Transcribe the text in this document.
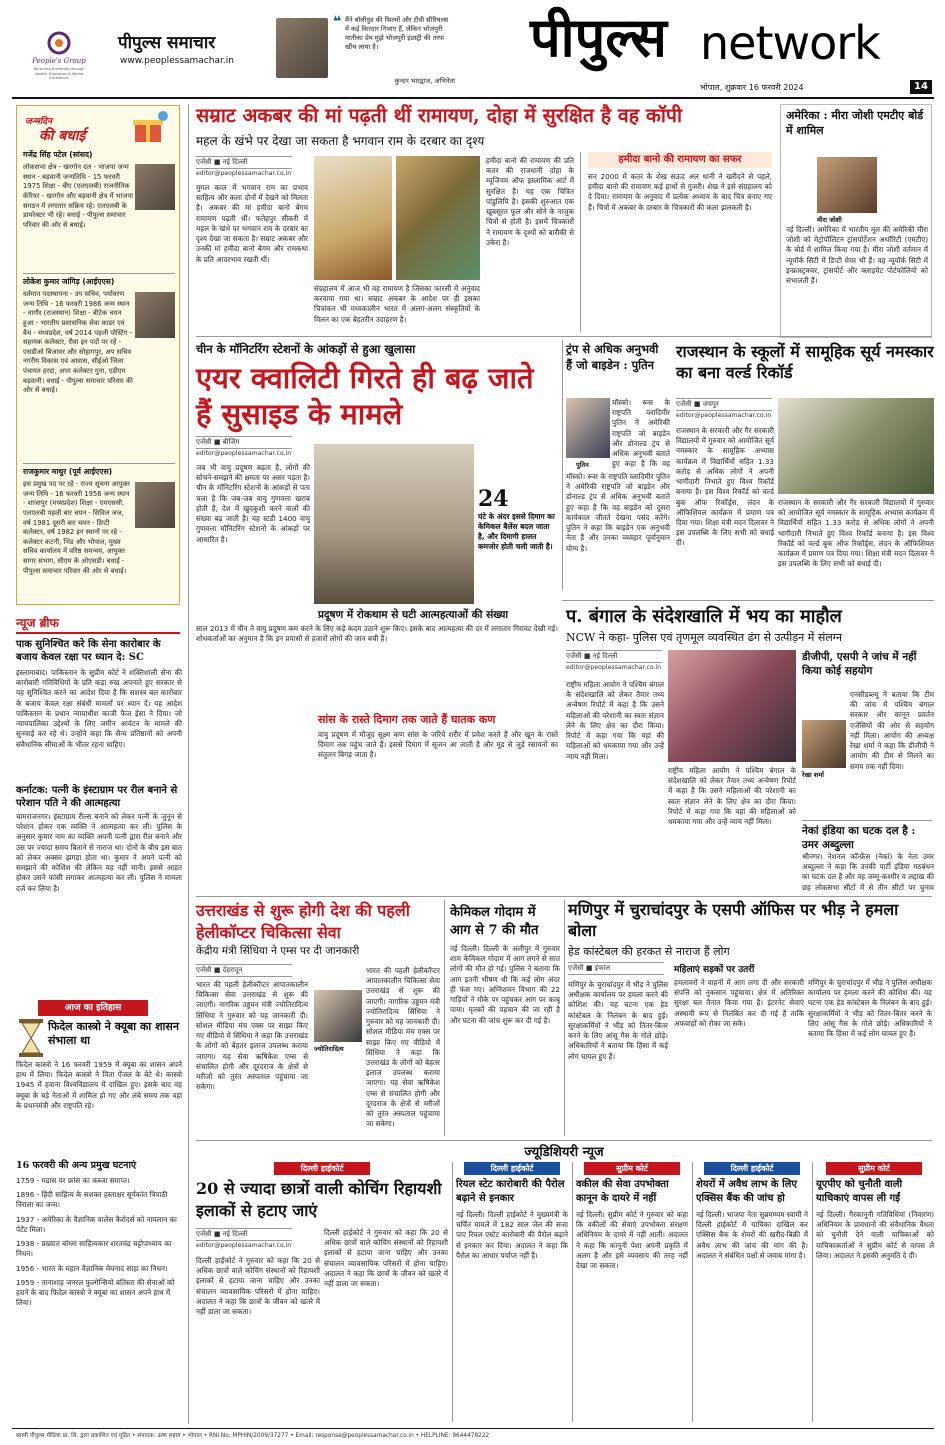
People's Group
Nurturing Humanity through Health, Education & Media Excellence
पीपुल्स समाचार
www.peoplessamachar.in
❝ मैंने बॉलीवुड की फिल्मों और टीवी सीरियल्स में कई किरदार निभाए हैं, लेकिन भोजपुरी मातीका प्रेम मुझे भोजपुरी इंडस्ट्री की तरफ खींच लाया है।
कुन्दन भारद्वाज, अभिनेता
पीपुल्स network
भोपाल, शुक्रवार 16 फरवरी 2024	14
जन्मदिन
की बधाई
गजेंद्र सिंह पटेल (सांसद)
लोकसभा क्षेत्र - खरगोन दल - भाजपा जन्म स्थान - बड़वानी जन्मतिथि - 15 फरवरी 1975 शिक्षा - बीए (एलएलबी) राजनीतिक कॅरियर - खरगोन और बड़वानी क्षेत्र में भाजपा संगठन में लगातार सक्रिय रहे। एलएलबी के डायरेक्टर भी रहे। बधाई - पीपुल्स समाचार परिवार की ओर से बधाई।
लोकेश कुमार जांगिड़ (आईएएस)
वर्तमान पदस्थापना - उप सचिव, पर्यावरण जन्म तिथि - 16 फरवरी 1986 जन्म स्थान - नागौर (राजस्थान) शिक्षा - बीटेक चयन हुआ - भारतीय प्रशासनिक सेवा काडर एवं बैच - मध्यप्रदेश, वर्ष 2014 पहली पोस्टिंग - सहायक कलेक्टर, रीवा इन पदों पर रहे - एसडीओ बिजावर और सोहागपुर, अप सचिव नगरीय विकास एवं आवास, सीईओ जिला पंचायत हरदा, अपर कलेक्टर गुना, एडीएम बड़वानी। बधाई - पीपुल्स समाचार परिवार की ओर से बधाई।
राजकुमार माथुर (पूर्व आईएएस)
इस प्रमुख पद पर रहे - राज्य सूचना आयुक्त जन्म तिथि - 16 फरवरी 1956 जन्म स्थान - शाजापुर (मध्यप्रदेश) शिक्षा - एमएससी, एलएलबी पहली बार चयन - सिविल जज, वर्ष 1981 दूसरी बार चयन - डिप्टी कलेक्टर, वर्ष 1982 इन स्थानों पर रहे - कलेक्टर कटनी, भिंड और भोपाल, मुख्य सचिव कार्यालय में वरिष्ठ समन्वय, आयुक्त सागर संभाग, सीएम के ओएसडी। बधाई - पीपुल्स समाचार परिवार की ओर से बधाई।
न्यूज ब्रीफ
पाक सुनिश्चित करे कि सेना कारोबार के बजाय केवल रक्षा पर ध्यान दे: SC
इस्लामाबाद। पाकिस्तान के सुप्रीम कोर्ट ने शक्तिशाली सेना की कारोबारी गतिविधियों के प्रति कड़ा रुख अपनाते हुए सरकार से यह सुनिश्चित करने का आदेश दिया है कि सशस्त्र बल कारोबार के बजाय केवल रक्षा संबंधी मामलों पर ध्यान दें। यह आदेश पाकिस्तान के प्रधान न्यायाधीश काजी फैज ईसा ने दिया। जो न्यायपालिका उद्देश्यों के लिए जमीन आवंटन के मामले की सुनवाई कर रहे थे। उन्होंने कहा कि सैन्य प्रतिष्ठानों को अपनी संवैधानिक सीमाओं के भीतर रहना चाहिए।
कर्नाटक: पत्नी के इंस्टाग्राम पर रील बनाने से परेशान पति ने की आत्महत्या
चामराजनगर। इंस्टाग्राम रील्स बनाने को लेकर पत्नी के जुनून से परेशान होकर एक व्यक्ति ने आत्महत्या कर ली। पुलिस के अनुसार कुमार नाम का व्यक्ति अपनी पत्नी द्वारा रील बनाने और उस पर ज्यादा समय बिताने से नाराज था। दोनों के बीच इस बात को लेकर अक्सर झगड़ा होता था। कुमार ने अपने पत्नी को समझाने की कोशिश की लेकिन वह नहीं मानी। इससे आहत होकर उसने फांसी लगाकर आत्महत्या कर ली। पुलिस ने मामला दर्ज कर लिया है।
आज का इतिहास
फिदेल कास्त्रो ने क्यूबा का शासन संभाला था
फिदेल कास्त्रो ने 16 फरवरी 1959 में क्यूबा का शासन अपने हाथ में लिया। फिदेल कास्त्रो ने पिता ऐंजल के बेटे थे। कास्त्रो 1945 में हवाना विश्वविद्यालय में दाखिल हुए। इसके बाद वह क्यूबा के बड़े नेताओं में शामिल हो गए और लंबे समय तक वहां के प्रधानमंत्री और राष्ट्रपति रहे।
16 फरवरी की अन्य प्रमुख घटनाएं
1759 - मद्रास पर फ्रांस का कब्जा समाप्त।
1896 - हिंदी साहित्य के सशक्त हस्ताक्षर सूर्यकांत त्रिपाठी निराला का जन्म।
1937 - अमेरिका के वैज्ञानिक वालेस कैरोदर्स को नायलान का पेटेंट मिला।
1938 - प्रख्यात बांग्ला साहित्यकार शरतचंद्र चट्टोपाध्याय का निधन।
1956 - भारत के महान वैज्ञानिक मेघनाद साहा का निधन।
1959 - तानाशाह जनरल फुल्गेन्सियो बतिस्ता की सेनाओं को हराने के बाद फिदेल कास्त्रो ने क्यूबा का शासन अपने हाथ में लिया।
सम्राट अकबर की मां पढ़ती थीं रामायण, दोहा में सुरक्षित है वह कॉपी
महल के खंभे पर देखा जा सकता है भगवान राम के दरबार का दृश्य
एजेंसी ■ नई दिल्ली
editor@peoplessamachar.co.in
मुगल काल में भगवान राम का प्रभाव साहित्य और कला दोनों में देखने को मिलता है। अकबर की मां हमीदा बानो बेगम रामायण पढ़ती थीं। फतेहपुर सीकरी में महल के खंभे पर भगवान राम के दरबार का दृश्य देखा जा सकता है। सम्राट अकबर और उनकी मां हमीदा बानो बेगम और रामकथा के प्रति आदरभाव रखती थीं।
संग्रहालय में आज भी वह रामायण है जिसका फारसी में अनुवाद करवाया गया था। सम्राट अकबर के आदेश पर ही इसका चित्रांकन भी मध्यकालीन भारत में अलग-अलग संस्कृतियों के मिलन का एक बेहतरीन उदाहरण है।
हमीदा बानो की रामायण की प्रति कतर की राजधानी दोहा के म्यूजियम ऑफ इस्लामिक आर्ट में सुरक्षित है। यह एक चित्रित पांडुलिपि है। इसकी शुरुआत एक खूबसूरत फूल और सोने के नाजुक चित्रों से होती है। इसमें चित्रकारों ने रामायण के दृश्यों को बारीकी से उकेरा है।
हमीदा बानो की रामायण का सफर
सन 2000 में कतर के शेख सऊद अल थानी ने खरीदने से पहले, हमीदा बानो की रामायण कई हाथों से गुजरी। शेख ने इसे संग्रहालय को दे दिया। रामायण के अनुवाद में प्रत्येक अध्याय के बाद चित्र बनाए गए हैं। चित्रों में अकबर के दरबार के चित्रकारों की कला झलकती है।
अमेरिका : मीरा जोशी एमटीए बोर्ड में शामिल
मीरा जोशी
नई दिल्ली। अमेरिका में भारतीय मूल की अमेरिकी मीरा जोशी को मेट्रोपॉलिटन ट्रांसपोर्टेशन अथॉरिटी (एमटीए) के बोर्ड में शामिल किया गया है। मीरा जोशी वर्तमान में न्यूयॉर्क सिटी में डिप्टी मेयर भी हैं। वह न्यूयॉर्क सिटी में इन्फ्रास्ट्रक्चर, ट्रांसपोर्ट और क्लाइमेट पोर्टफोलियो को संभालती हैं।
चीन के मॉनिटरिंग स्टेशनों के आंकड़ों से हुआ खुलासा
एयर क्वालिटी गिरते ही बढ़ जाते हैं सुसाइड के मामले
एजेंसी ■ बीजिंग
editor@peoplessamachar.co.in
जब भी वायु प्रदूषण बढ़ता है, लोगों की सोचने-समझने की क्षमता पर असर पड़ता है। चीन के मॉनिटरिंग स्टेशनों के आंकड़ों से पता चला है कि जब-जब वायु गुणवत्ता खराब होती है, देश में खुदकुशी करने वालों की संख्या बढ़ जाती है। यह स्टडी 1400 वायु गुणवत्ता मॉनिटरिंग स्टेशनों के आंकड़ों पर आधारित है।
24
घंटे के अंदर इससे दिमाग का केमिकल बैलेंस बदल जाता है, और दिमागी हालत कमजोर होती चली जाती है।
प्रदूषण में रोकथाम से घटी आत्महत्याओं की संख्या
साल 2013 में चीन ने वायु प्रदूषण कम करने के लिए कड़े कदम उठाने शुरू किए। इसके बाद आत्महत्या की दर में लगातार गिरावट देखी गई। शोधकर्ताओं का अनुमान है कि इन प्रयासों से हजारों लोगों की जान बची है।
सांस के रास्ते दिमाग तक जाते हैं घातक कण
वायु प्रदूषण में मौजूद सूक्ष्म कण सांस के जरिये शरीर में प्रवेश करते हैं और खून के रास्ते दिमाग तक पहुंच जाते हैं। इससे दिमाग में सूजन आ जाती है और मूड से जुड़े रसायनों का संतुलन बिगड़ जाता है।
ट्रंप से अधिक अनुभवी हैं जो बाइडेन : पुतिन
पुतिन
मॉस्को। रूस के राष्ट्रपति व्लादिमीर पुतिन ने अमेरिकी राष्ट्रपति जो बाइडेन और डोनाल्ड ट्रंप से अधिक अनुभवी बताते हुए कहा है कि वह
मॉस्को। रूस के राष्ट्रपति व्लादिमीर पुतिन ने अमेरिकी राष्ट्रपति जो बाइडेन और डोनाल्ड ट्रंप से अधिक अनुभवी बताते हुए कहा है कि वह बाइडेन को दूसरा कार्यकाल जीतते देखना पसंद करेंगे। पुतिन ने कहा कि बाइडेन एक अनुभवी नेता हैं और उनका व्यवहार पूर्वानुमान योग्य है।
राजस्थान के स्कूलों में सामूहिक सूर्य नमस्कार का बना वर्ल्ड रिकॉर्ड
एजेंसी ■ जयपुर
editor@peoplessamachar.co.in
राजस्थान के सरकारी और गैर सरकारी विद्यालयों में गुरुवार को आयोजित सूर्य नमस्कार के सामूहिक अभ्यास कार्यक्रम में विद्यार्थियों सहित 1.33 करोड़ से अधिक लोगों ने अपनी भागीदारी निभाते हुए विश्व रिकॉर्ड बनाया है। इस विश्व रिकॉर्ड को वर्ल्ड बुक ऑफ रिकॉर्ड्स, लंदन के ऑफिशियल कार्यक्रम में प्रमाण पत्र दिया गया। शिक्षा मंत्री मदन दिलावर ने इस उपलब्धि के लिए सभी को बधाई दी।
राजस्थान के सरकारी और गैर सरकारी विद्यालयों में गुरुवार को आयोजित सूर्य नमस्कार के सामूहिक अभ्यास कार्यक्रम में विद्यार्थियों सहित 1.33 करोड़ से अधिक लोगों ने अपनी भागीदारी निभाते हुए विश्व रिकॉर्ड बनाया है। इस विश्व रिकॉर्ड को वर्ल्ड बुक ऑफ रिकॉर्ड्स, लंदन के ऑफिशियल कार्यक्रम में प्रमाण पत्र दिया गया। शिक्षा मंत्री मदन दिलावर ने इस उपलब्धि के लिए सभी को बधाई दी।
प. बंगाल के संदेशखालि में भय का माहौल
NCW ने कहा- पुलिस एवं तृणमूल व्यवस्थित ढंग से उत्पीड़न में संलग्न
एजेंसी ■ नई दिल्ली
editor@peoplessamachar.co.in
राष्ट्रीय महिला आयोग ने पश्चिम बंगाल के संदेशखालि को लेकर तैयार तथ्य अन्वेषण रिपोर्ट में कहा है कि उसने महिलाओं की परेशानी का स्वतः संज्ञान लेने के लिए क्षेत्र का दौरा किया। रिपोर्ट में कहा गया कि वहां की महिलाओं को धमकाया गया और उन्हें न्याय नहीं मिला।
राष्ट्रीय महिला आयोग ने पश्चिम बंगाल के संदेशखालि को लेकर तैयार तथ्य अन्वेषण रिपोर्ट में कहा है कि उसने महिलाओं की परेशानी का स्वतः संज्ञान लेने के लिए क्षेत्र का दौरा किया। रिपोर्ट में कहा गया कि वहां की महिलाओं को धमकाया गया और उन्हें न्याय नहीं मिला।
डीजीपी, एसपी ने जांच में नहीं किया कोई सहयोग
रेखा शर्मा
एनसीडब्ल्यू ने बताया कि टीम की जांच में पश्चिम बंगाल सरकार और कानून प्रवर्तन एजेंसियों की ओर से सहयोग नहीं मिला। आयोग की अध्यक्ष रेखा शर्मा ने कहा कि डीजीपी ने आयोग की टीम से मिलने का समय तक नहीं दिया।
उत्तराखंड से शुरू होगी देश की पहली हेलीकॉप्टर चिकित्सा सेवा
केंद्रीय मंत्री सिंधिया ने एम्स पर दी जानकारी
एजेंसी ■ देहरादून
भारत की पहली हेलीकॉप्टर आपातकालीन चिकित्सा सेवा उत्तराखंड से शुरू की जाएगी। नागरिक उड्डयन मंत्री ज्योतिरादित्य सिंधिया ने गुरुवार को यह जानकारी दी। सोशल मीडिया मंच एक्स पर साझा किए गए वीडियो में सिंधिया ने कहा कि उत्तराखंड के लोगों को बेहतर इलाज उपलब्ध कराया जाएगा। यह सेवा ऋषिकेश एम्स से संचालित होगी और दूरदराज के क्षेत्रों से मरीजों को तुरंत अस्पताल पहुंचाया जा सकेगा।
ज्योतिरादित्य
भारत की पहली हेलीकॉप्टर आपातकालीन चिकित्सा सेवा उत्तराखंड से शुरू की जाएगी। नागरिक उड्डयन मंत्री ज्योतिरादित्य सिंधिया ने गुरुवार को यह जानकारी दी। सोशल मीडिया मंच एक्स पर साझा किए गए वीडियो में सिंधिया ने कहा कि उत्तराखंड के लोगों को बेहतर इलाज उपलब्ध कराया जाएगा। यह सेवा ऋषिकेश एम्स से संचालित होगी और दूरदराज के क्षेत्रों से मरीजों को तुरंत अस्पताल पहुंचाया जा सकेगा।
केमिकल गोदाम में आग से 7 की मौत
नई दिल्ली। दिल्ली के अलीपुर में गुरुवार शाम केमिकल गोदाम में आग लगने से सात लोगों की मौत हो गई। पुलिस ने बताया कि आग इतनी भीषण थी कि कई लोग अंदर ही फंस गए। अग्निशमन विभाग की 22 गाड़ियों ने मौके पर पहुंचकर आग पर काबू पाया। मृतकों की पहचान की जा रही है और घटना की जांच शुरू कर दी गई है।
मणिपुर में चुराचांदपुर के एसपी ऑफिस पर भीड़ ने हमला बोला
हेड कांस्टेबल की हरकत से नाराज हैं लोग
एजेंसी ■ इंफाल
मणिपुर के चुराचांदपुर में भीड़ ने पुलिस अधीक्षक कार्यालय पर हमला करने की कोशिश की। यह घटना एक हेड कांस्टेबल के निलंबन के बाद हुई। सुरक्षाकर्मियों ने भीड़ को तितर-बितर करने के लिए आंसू गैस के गोले छोड़े। अधिकारियों ने बताया कि हिंसा में कई लोग घायल हुए हैं।
महिलाएं सड़कों पर उतरीं
हमलावरों ने वाहनों में आग लगा दी और सरकारी संपत्ति को नुकसान पहुंचाया। क्षेत्र में अतिरिक्त सुरक्षा बल तैनात किया गया है। इंटरनेट सेवाएं अस्थायी रूप से निलंबित कर दी गई हैं ताकि अफवाहों को रोका जा सके।
मणिपुर के चुराचांदपुर में भीड़ ने पुलिस अधीक्षक कार्यालय पर हमला करने की कोशिश की। यह घटना एक हेड कांस्टेबल के निलंबन के बाद हुई। सुरक्षाकर्मियों ने भीड़ को तितर-बितर करने के लिए आंसू गैस के गोले छोड़े। अधिकारियों ने बताया कि हिंसा में कई लोग घायल हुए हैं।
नेकां इंडिया का घटक दल है : उमर अब्दुल्ला
श्रीनगर। नेशनल कॉन्फ्रेंस (नेकां) के नेता उमर अब्दुल्ला ने कहा कि उनकी पार्टी इंडिया गठबंधन का घटक दल है और वह जम्मू-कश्मीर व लद्दाख की छह लोकसभा सीटों में से तीन सीटों पर चुनाव
ज्यूडिशियरी न्यूज
दिल्ली हाईकोर्ट
20 से ज्यादा छात्रों वाली कोचिंग रिहायशी इलाकों से हटाए जाएं
एजेंसी ■ नई दिल्ली
editor@peoplessamachar.co.in
दिल्ली हाईकोर्ट ने गुरुवार को कहा कि 20 से अधिक छात्रों वाले कोचिंग संस्थानों को रिहायशी इलाकों से हटाया जाना चाहिए और उनका संचालन व्यावसायिक परिसरों में होना चाहिए। अदालत ने कहा कि छात्रों के जीवन को खतरे में नहीं डाला जा सकता।
दिल्ली हाईकोर्ट ने गुरुवार को कहा कि 20 से अधिक छात्रों वाले कोचिंग संस्थानों को रिहायशी इलाकों से हटाया जाना चाहिए और उनका संचालन व्यावसायिक परिसरों में होना चाहिए। अदालत ने कहा कि छात्रों के जीवन को खतरे में नहीं डाला जा सकता।
दिल्ली हाईकोर्ट
रियल स्टेट कारोबारी की पैरोल बढ़ाने से इनकार
नई दिल्ली। दिल्ली हाईकोर्ट ने मुख्यमंत्री के चर्चित मामले में 182 साल जेल की सजा पाए रियल एस्टेट कारोबारी की पैरोल बढ़ाने से इनकार कर दिया। अदालत ने कहा कि पैरोल का आधार पर्याप्त नहीं है।
सुप्रीम कोर्ट
वकील की सेवा उपभोक्ता कानून के दायरे में नहीं
नई दिल्ली। सुप्रीम कोर्ट ने गुरुवार को कहा कि वकीलों की सेवाएं उपभोक्ता संरक्षण अधिनियम के दायरे में नहीं आतीं। अदालत ने कहा कि कानूनी पेशा अपनी प्रकृति में अलग है और इसे व्यवसाय की तरह नहीं देखा जा सकता।
दिल्ली हाईकोर्ट
शेयरों में अवैध लाभ के लिए एक्सिस बैंक की जांच हो
नई दिल्ली। भाजपा नेता सुब्रमण्यम स्वामी ने दिल्ली हाईकोर्ट में याचिका दाखिल कर एक्सिस बैंक के शेयरों की खरीद-बिक्री में अवैध लाभ की जांच की मांग की है। अदालत ने संबंधित पक्षों से जवाब मांगा है।
सुप्रीम कोर्ट
यूएपीए को चुनौती वाली याचिकाएं वापस ली गईं
नई दिल्ली। गैरकानूनी गतिविधियां (निवारण) अधिनियम के प्रावधानों की संवैधानिक वैधता को चुनौती देने वाली याचिकाओं को याचिकाकर्ताओं ने सुप्रीम कोर्ट से वापस ले लिया। अदालत ने इसकी अनुमति दे दी।
स्वामी पीपुल्स मीडिया प्रा. लि. द्वारा प्रकाशित एवं मुद्रित • संपादक: ऊषा सहाय • भोपाल • RNI No. MPHIN/2009/37277 • Email: response@peoplessamachar.co.in • HELPLINE: 9644478222
